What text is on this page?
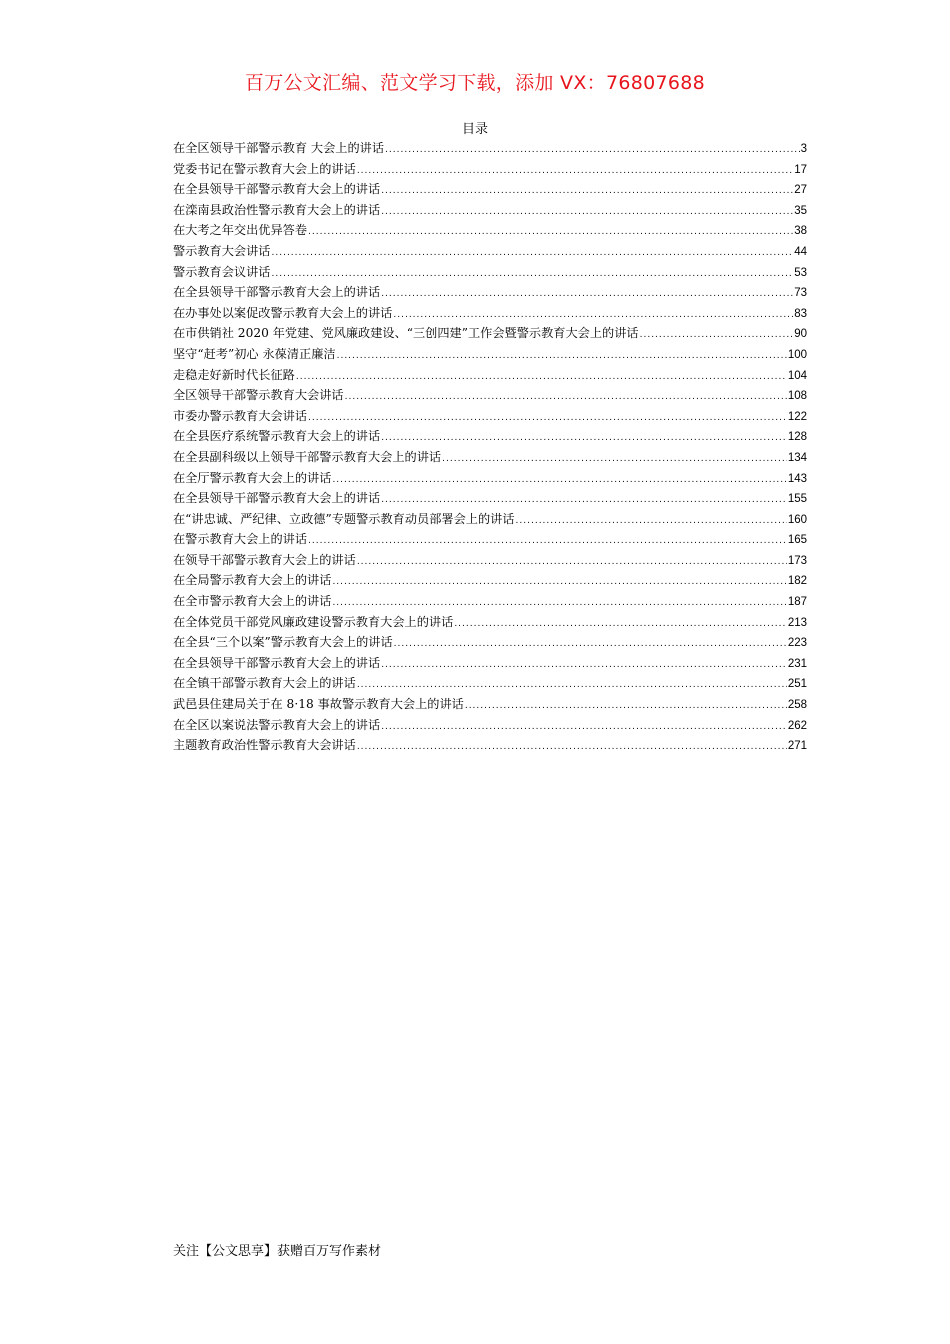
百万公文汇编、范文学习下载，添加 VX：76807688
目录
在全区领导干部警示教育 大会上的讲话 .....	3
党委书记在警示教育大会上的讲话 .....	17
在全县领导干部警示教育大会上的讲话 .....	27
在滦南县政治性警示教育大会上的讲话 .....	35
在大考之年交出优异答卷 .....	38
警示教育大会讲话 .....	44
警示教育会议讲话 .....	53
在全县领导干部警示教育大会上的讲话 .....	73
在办事处以案促改警示教育大会上的讲话 .....	83
在市供销社 2020 年党建、党风廉政建设、“三创四建”工作会暨警示教育大会上的讲话 .....	90
坚守“赶考”初心 永葆清正廉洁 .....	100
走稳走好新时代长征路 .....	104
全区领导干部警示教育大会讲话 .....	108
市委办警示教育大会讲话 .....	122
在全县医疗系统警示教育大会上的讲话 .....	128
在全县副科级以上领导干部警示教育大会上的讲话 .....	134
在全厅警示教育大会上的讲话 .....	143
在全县领导干部警示教育大会上的讲话 .....	155
在“讲忠诚、严纪律、立政德”专题警示教育动员部署会上的讲话 .....	160
在警示教育大会上的讲话 .....	165
在领导干部警示教育大会上的讲话 .....	173
在全局警示教育大会上的讲话 .....	182
在全市警示教育大会上的讲话 .....	187
在全体党员干部党风廉政建设警示教育大会上的讲话 .....	213
在全县“三个以案”警示教育大会上的讲话 .....	223
在全县领导干部警示教育大会上的讲话 .....	231
在全镇干部警示教育大会上的讲话 .....	251
武邑县住建局关于在 8·18 事故警示教育大会上的讲话 .....	258
在全区以案说法警示教育大会上的讲话 .....	262
主题教育政治性警示教育大会讲话 .....	271
关注【公文思享】获赠百万写作素材
